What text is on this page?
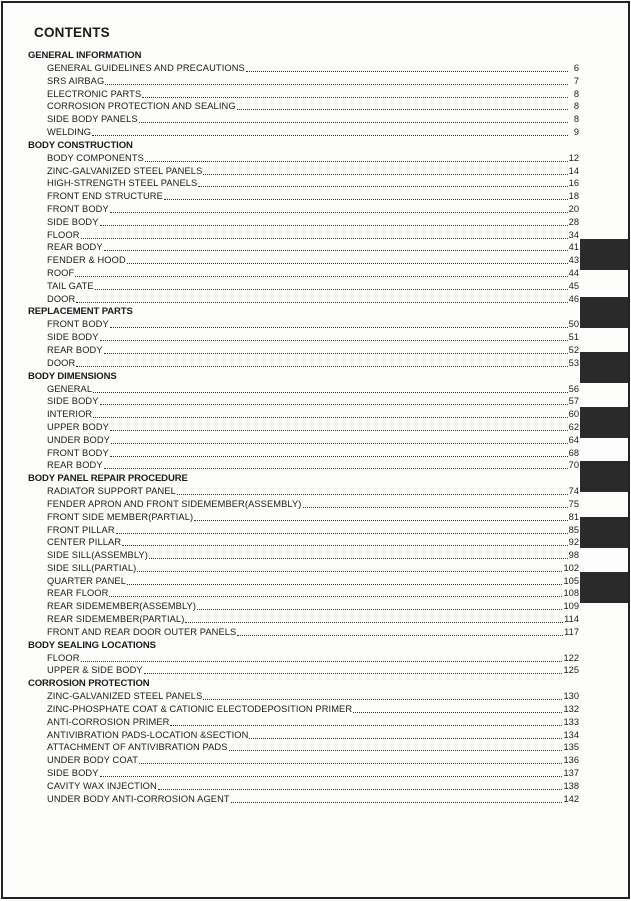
CONTENTS
GENERAL INFORMATION
GENERAL GUIDELINES AND PRECAUTIONS	6
SRS AIRBAG	7
ELECTRONIC PARTS	8
CORROSION PROTECTION AND SEALING	8
SIDE BODY PANELS	8
WELDING	9
BODY CONSTRUCTION
BODY COMPONENTS	12
ZINC-GALVANIZED STEEL PANELS	14
HIGH-STRENGTH STEEL PANELS	16
FRONT END STRUCTURE	18
FRONT BODY	20
SIDE BODY	28
FLOOR	34
REAR BODY	41
FENDER & HOOD	43
ROOF	44
TAIL GATE	45
DOOR	46
REPLACEMENT PARTS
FRONT BODY	50
SIDE BODY	51
REAR BODY	52
DOOR	53
BODY DIMENSIONS
GENERAL	56
SIDE BODY	57
INTERIOR	60
UPPER BODY	62
UNDER BODY	64
FRONT BODY	68
REAR BODY	70
BODY PANEL REPAIR PROCEDURE
RADIATOR SUPPORT PANEL	74
FENDER APRON AND FRONT SIDEMEMBER(ASSEMBLY)	75
FRONT SIDE MEMBER(PARTIAL)	81
FRONT PILLAR	85
CENTER PILLAR	92
SIDE SILL(ASSEMBLY)	98
SIDE SILL(PARTIAL)	102
QUARTER PANEL	105
REAR FLOOR	108
REAR SIDEMEMBER(ASSEMBLY)	109
REAR SIDEMEMBER(PARTIAL)	114
FRONT AND REAR DOOR OUTER PANELS	117
BODY SEALING LOCATIONS
FLOOR	122
UPPER & SIDE BODY	125
CORROSION PROTECTION
ZINC-GALVANIZED STEEL PANELS	130
ZINC-PHOSPHATE COAT & CATIONIC ELECTODEPOSITION PRIMER	132
ANTI-CORROSION PRIMER	133
ANTIVIBRATION PADS-LOCATION &SECTION	134
ATTACHMENT OF ANTIVIBRATION PADS	135
UNDER BODY COAT	136
SIDE BODY	137
CAVITY WAX INJECTION	138
UNDER BODY ANTI-CORROSION AGENT	142
